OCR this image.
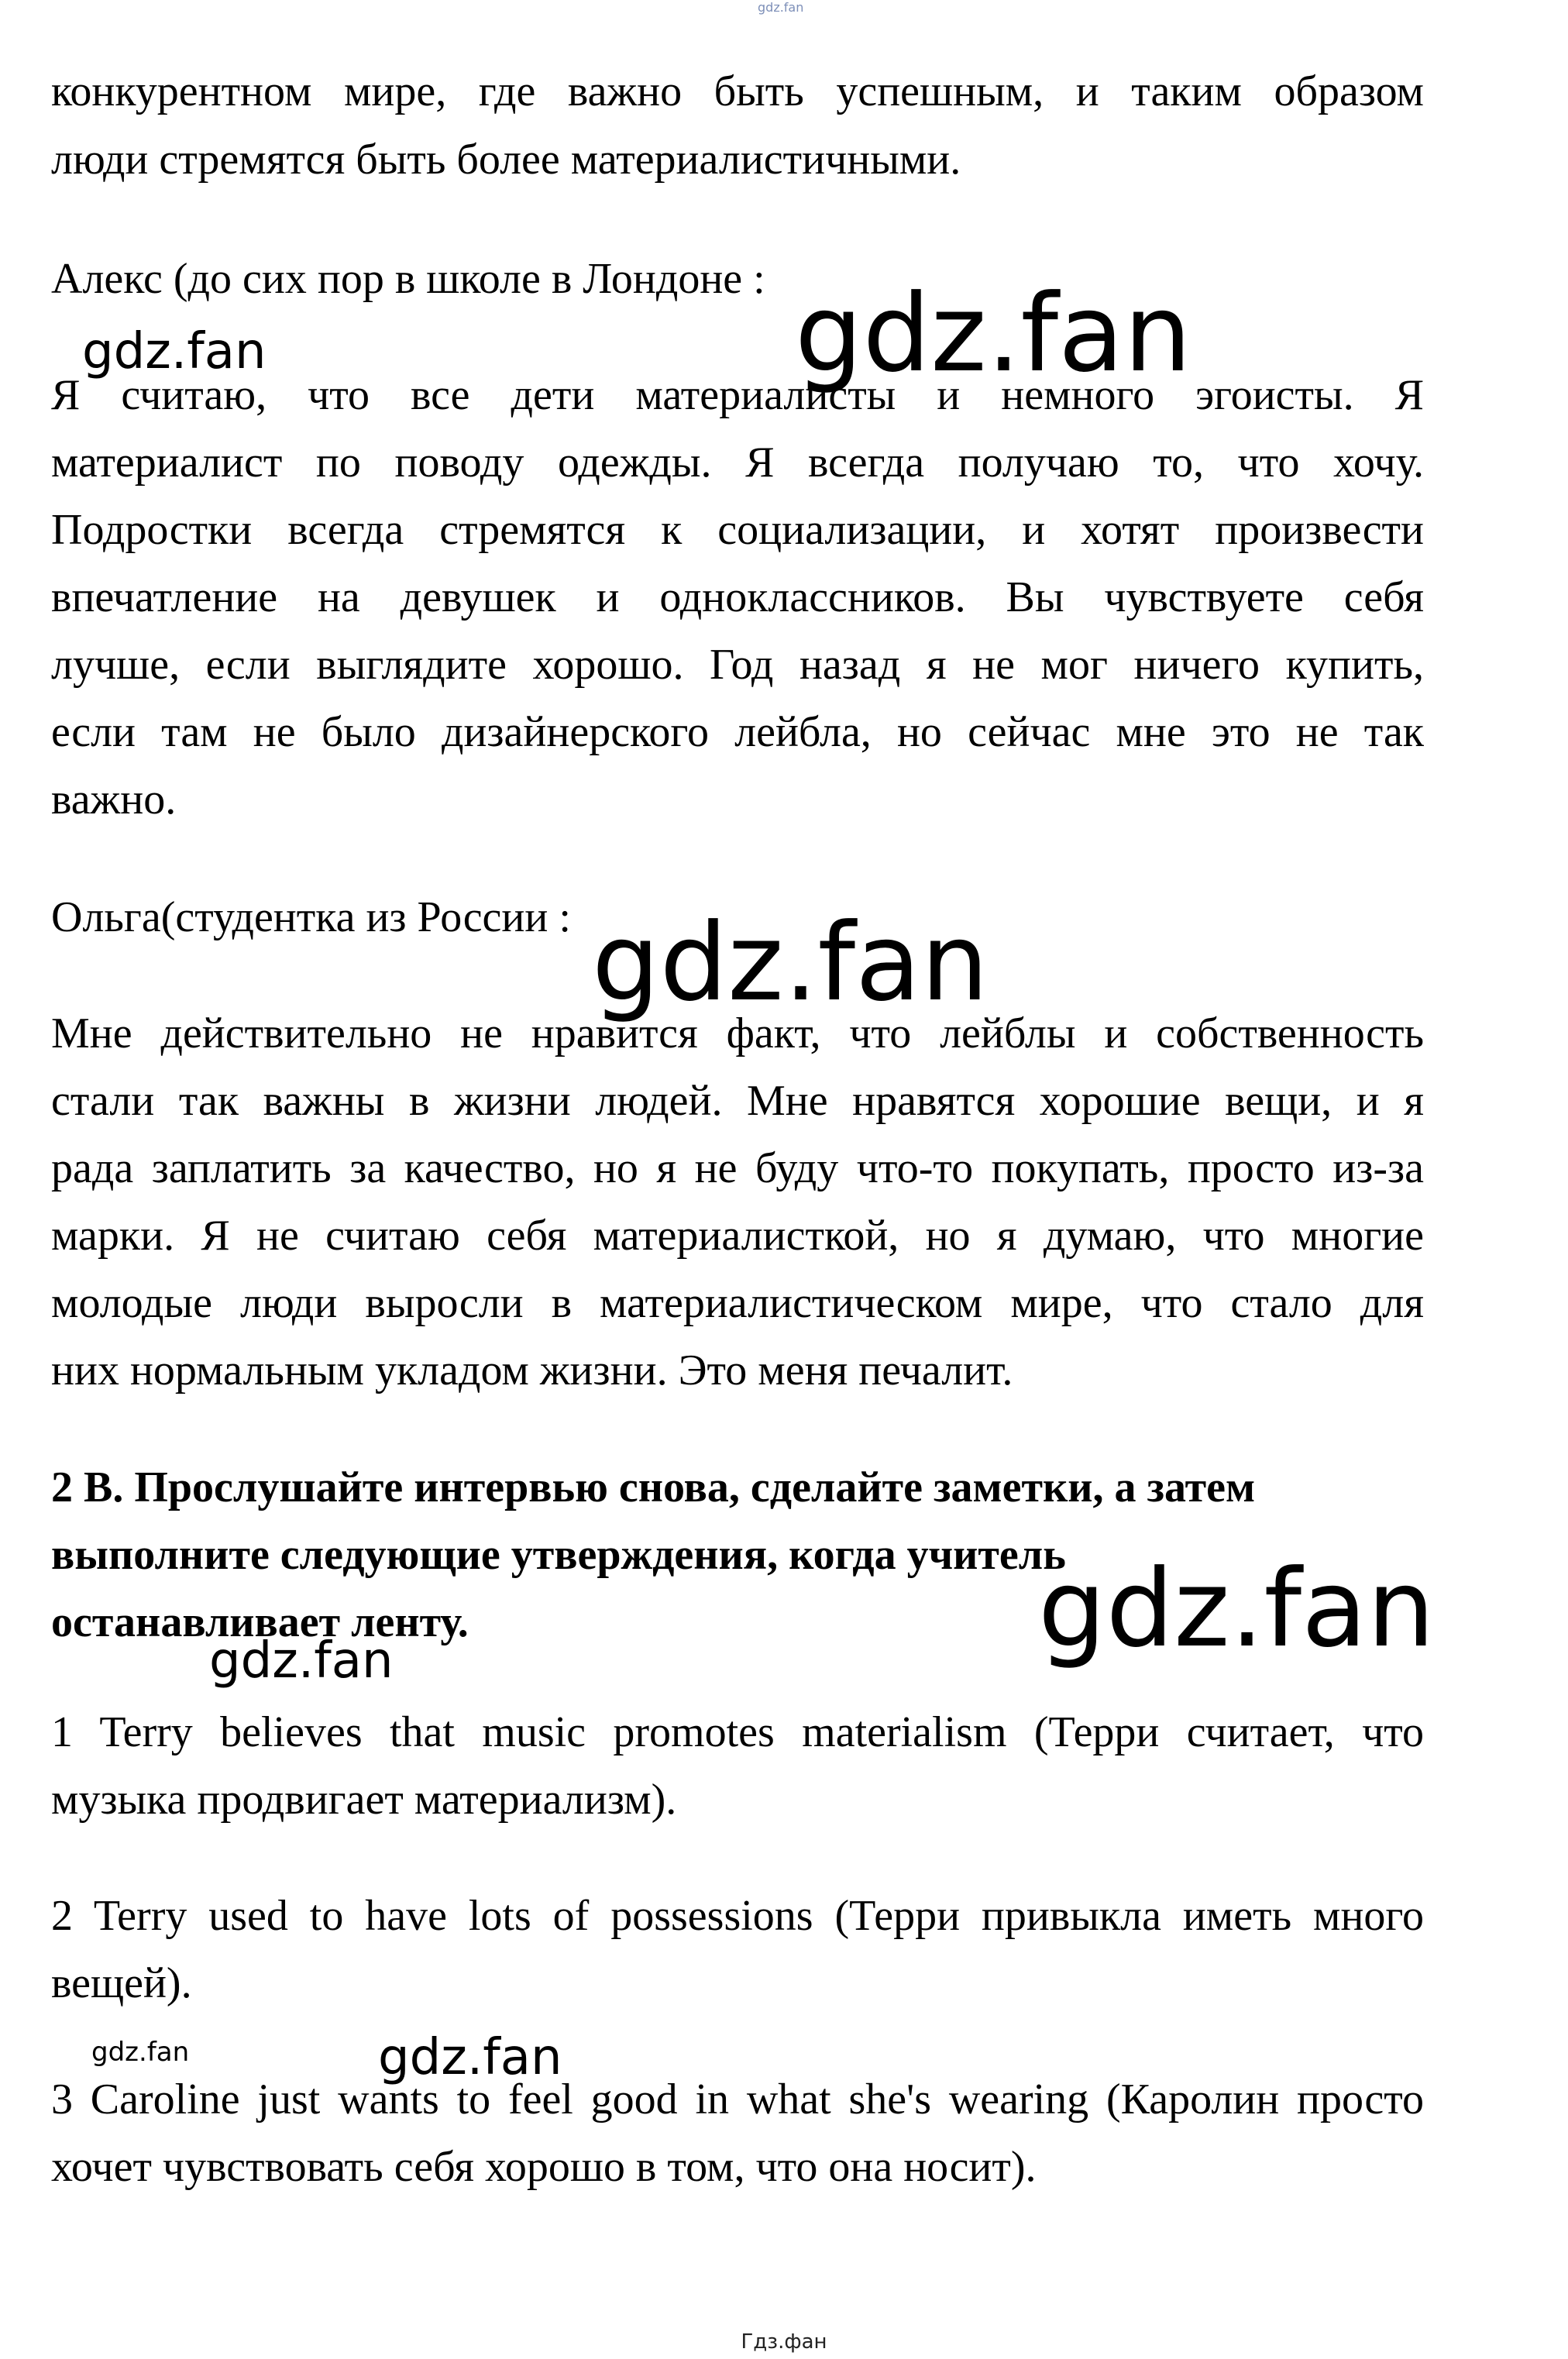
gdz.fan
конкурентном мире, где важно быть успешным, и таким образом
люди стремятся быть более материалистичными.
Алекс (до сих пор в школе в Лондоне : gdz.fan
gdz.fan
Я считаю, что все дети материалисты и немного эгоисты. Я
материалист по поводу одежды. Я всегда получаю то, что хочу.
Подростки всегда стремятся к социализации, и хотят произвести
впечатление на девушек и одноклассников. Вы чувствуете себя
лучше, если выглядите хорошо. Год назад я не мог ничего купить,
если там не было дизайнерского лейбла, но сейчас мне это не так
важно.
Ольга(студентка из России : gdz.fan
Мне действительно не нравится факт, что лейблы и собственность
стали так важны в жизни людей. Мне нравятся хорошие вещи, и я
рада заплатить за качество, но я не буду что-то покупать, просто из-за
марки. Я не считаю себя материалисткой, но я думаю, что многие
молодые люди выросли в материалистическом мире, что стало для
них нормальным укладом жизни. Это меня печалит.
2 B. Прослушайте интервью снова, сделайте заметки, а затем
выполните следующие утверждения, когда учитель
останавливает ленту.	gdz.fan
gdz.fan
1 Terry believes that music promotes materialism (Терри считает, что
музыка продвигает материализм).
2 Terry used to have lots of possessions (Терри привыкла иметь много
вещей).
gdz.fan	gdz.fan
3 Caroline just wants to feel good in what she's wearing (Каролин просто
хочет чувствовать себя хорошо в том, что она носит).
Гдз.фан
